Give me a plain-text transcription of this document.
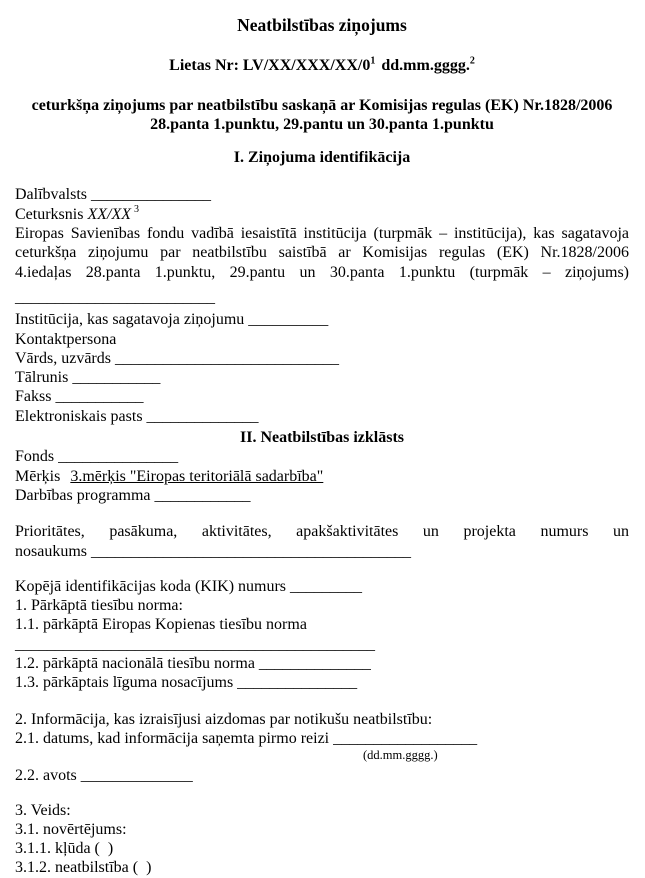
Neatbilstības ziņojums
Lietas Nr: $LV/XX/XXX/XX/0^1$ dd.mm.gggg.$^2$
ceturkšņa ziņojums par neatbilstību saskaņā ar Komisijas regulas (EK) Nr.1828/2006
28.panta 1.punktu, 29.pantu un 30.panta 1.punktu
I. Ziņojuma identifikācija
Dalībvalsts _______________
Ceturksnis XX/XX $^3$
Eiropas Savienības fondu vadībā iesaistītā institūcija (turpmāk – institūcija), kas sagatavoja
ceturkšņa ziņojumu par neatbilstību saistībā ar Komisijas regulas (EK) Nr.1828/2006
4.iedaļas 28.panta 1.punktu, 29.pantu un 30.panta 1.punktu (turpmāk – ziņojums)
_________________________
Institūcija, kas sagatavoja ziņojumu __________
Kontaktpersona
Vārds, uzvārds ____________________________
Tālrunis ___________
Fakss ___________
Elektroniskais pasts ______________
II. Neatbilstības izklāsts
Fonds _______________
Mērķis 3.mērķis "Eiropas teritoriālā sadarbība"
Darbības programma ____________
Prioritātes, pasākuma, aktivitātes, apakšaktivitātes un projekta numurs un
nosaukums ________________________________________
Kopējā identifikācijas koda (KIK) numurs _________
1. Pārkāptā tiesību norma:
1.1. pārkāptā Eiropas Kopienas tiesību norma _____________________________________________
1.2. pārkāptā nacionālā tiesību norma ______________
1.3. pārkāptais līguma nosacījums _______________
2. Informācija, kas izraisījusi aizdomas par notikušu neatbilstību:
2.1. datums, kad informācija saņemta pirmo reizi __________________
(dd.mm.gggg.)
2.2. avots ______________
3. Veids:
3.1. novērtējums:
3.1.1. kļūda (  )
3.1.2. neatbilstība (  )
